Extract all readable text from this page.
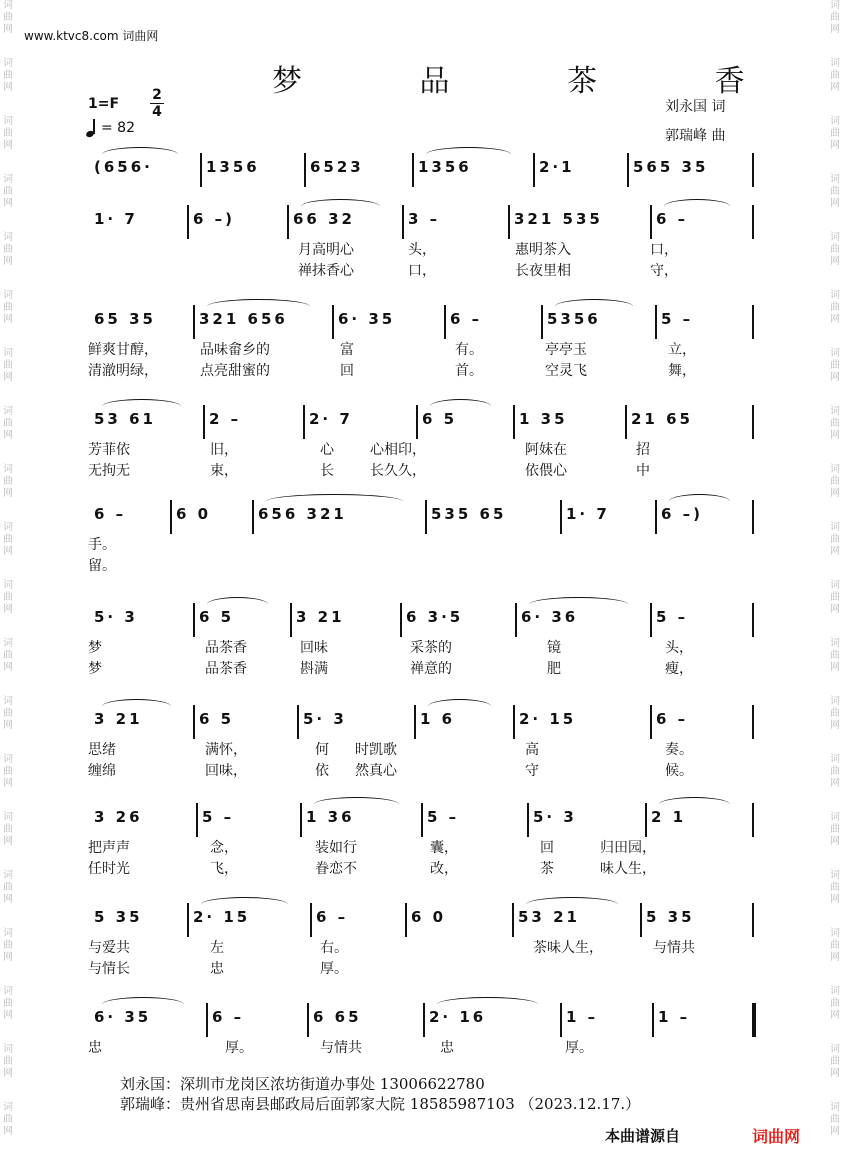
词
曲
网
词
曲
网
词
曲
网
词
曲
网
词
曲
网
词
曲
网
词
曲
网
词
曲
网
词
曲
网
词
曲
网
词
曲
网
词
曲
网
词
曲
网
词
曲
网
词
曲
网
词
曲
网
词
曲
网
词
曲
网
词
曲
网
词
曲
网
词
曲
网
词
曲
网
词
曲
网
词
曲
网
词
曲
网
词
曲
网
词
曲
网
词
曲
网
词
曲
网
词
曲
网
词
曲
网
词
曲
网
词
曲
网
词
曲
网
词
曲
网
词
曲
网
词
曲
网
词
曲
网
词
曲
网
词
曲
网
www.ktvc8.com 词曲网
梦 品 茶 香
1=F
2
4
= 82
刘永国 词
郭瑞峰 曲
(656·	1356	6523	1356	2·1	565 35
1· 7	6 –)	66 32	3 –	321 535	6 –
月高明心	头，	惠明茶入	口，
禅抹香心	口，	长夜里相	守，
65 35	321 656	6· 35	6 –	5356	5 –
鲜爽甘醇，	品味畲乡的	富	有。	亭亭玉	立，
清澈明绿，	点亮甜蜜的	回	首。	空灵飞	舞，
53 61	2 –	2· 7	6 5	1 35	21 65
芳菲依	旧，	心	心相印，	阿妹在	招
无拘无	束，	长	长久久，	依偎心	中
6 –	6 0	656 321	535 65	1· 7	6 –)
手。
留。
5· 3	6 5	3 21	6 3·5	6· 36	5 –
梦	品茶香	回味	采茶的	镜	头，
梦	品茶香	斟满	禅意的	肥	瘦，
3 21	6 5	5· 3	1 6	2· 15	6 –
思绪	满怀，	何 时凯歌	高	奏。
缠绵	回味，	依 然真心	守	候。
3 26	5 –	1 36	5 –	5· 3	2 1
把声声	念，	装如行	囊，	回	归田园，
任时光	飞，	眷恋不	改，	茶	味人生，
5 35	2· 15	6 –	6 0	53 21	5 35
与爱共	左	右。	茶味人生，	与情共
与情长	忠	厚。
6· 35	6 –	6 65	2· 16	1 –	1 –
忠	厚。	与情共	忠	厚。
刘永国：深圳市龙岗区浓坊街道办事处 13006622780
郭瑞峰：贵州省思南县邮政局后面郭家大院 18585987103 （2023.12.17.）
本曲谱源自	词曲网
